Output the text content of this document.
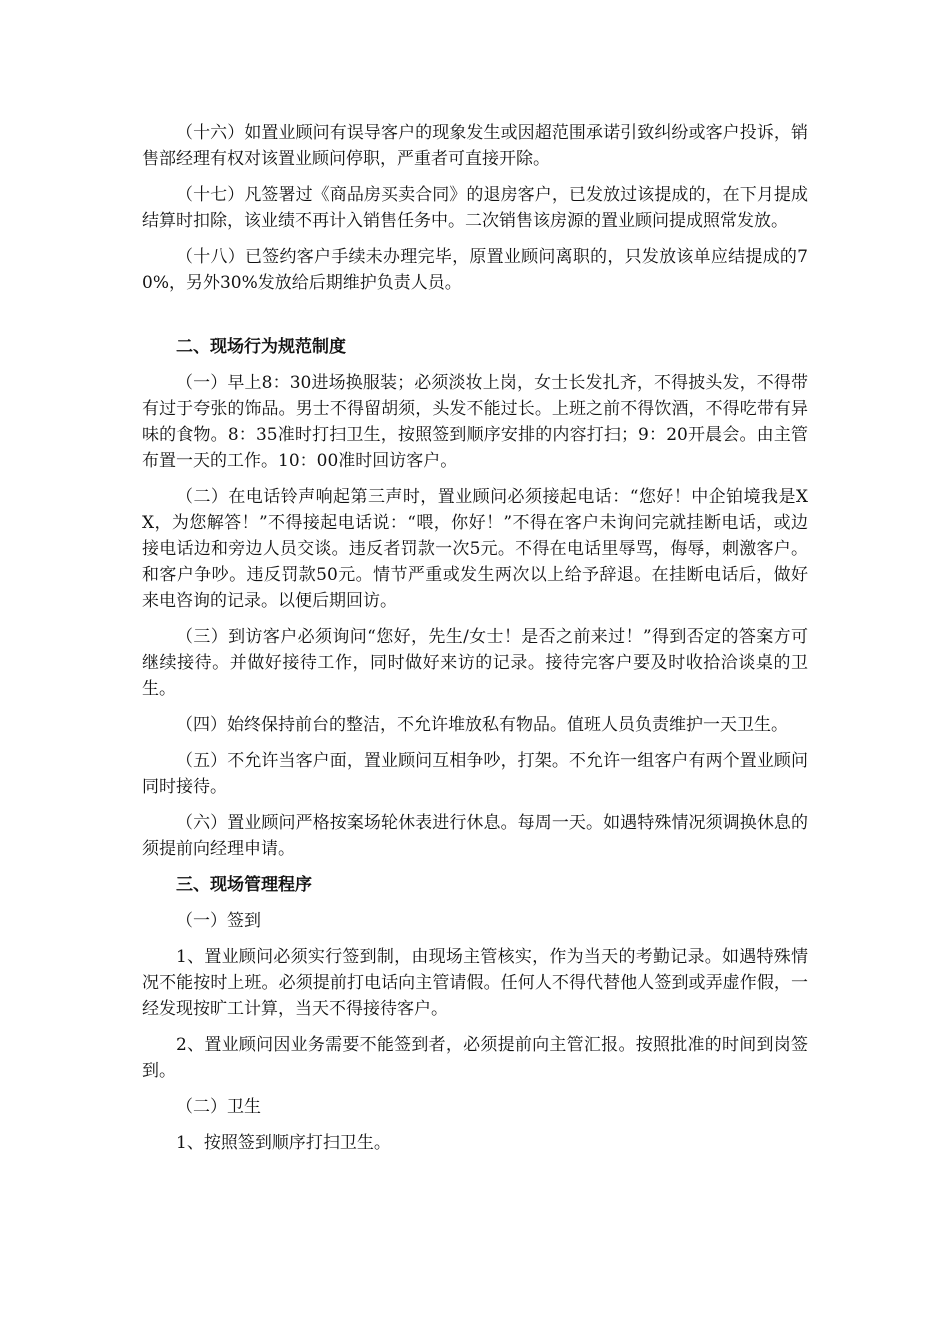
（十六）如置业顾问有误导客户的现象发生或因超范围承诺引致纠纷或客户投诉，销售部经理有权对该置业顾问停职，严重者可直接开除。

（十七）凡签署过《商品房买卖合同》的退房客户，已发放过该提成的，在下月提成结算时扣除，该业绩不再计入销售任务中。二次销售该房源的置业顾问提成照常发放。

（十八）已签约客户手续未办理完毕，原置业顾问离职的，只发放该单应结提成的70%，另外30%发放给后期维护负责人员。

二、现场行为规范制度

（一）早上8：30进场换服装；必须淡妆上岗，女士长发扎齐，不得披头发，不得带有过于夸张的饰品。男士不得留胡须，头发不能过长。上班之前不得饮酒，不得吃带有异味的食物。8：35准时打扫卫生，按照签到顺序安排的内容打扫；9：20开晨会。由主管布置一天的工作。10：00准时回访客户。

（二）在电话铃声响起第三声时，置业顾问必须接起电话：“您好！中企铂境我是XX，为您解答！”不得接起电话说：“喂，你好！”不得在客户未询问完就挂断电话，或边接电话边和旁边人员交谈。违反者罚款一次5元。不得在电话里辱骂，侮辱，刺激客户。和客户争吵。违反罚款50元。情节严重或发生两次以上给予辞退。在挂断电话后，做好来电咨询的记录。以便后期回访。

（三）到访客户必须询问“您好，先生/女士！是否之前来过！”得到否定的答案方可继续接待。并做好接待工作，同时做好来访的记录。接待完客户要及时收拾洽谈桌的卫生。

（四）始终保持前台的整洁，不允许堆放私有物品。值班人员负责维护一天卫生。

（五）不允许当客户面，置业顾问互相争吵，打架。不允许一组客户有两个置业顾问同时接待。

（六）置业顾问严格按案场轮休表进行休息。每周一天。如遇特殊情况须调换休息的须提前向经理申请。

三、现场管理程序
（一）签到

1、置业顾问必须实行签到制，由现场主管核实，作为当天的考勤记录。如遇特殊情况不能按时上班。必须提前打电话向主管请假。任何人不得代替他人签到或弄虚作假，一经发现按旷工计算，当天不得接待客户。

2、置业顾问因业务需要不能签到者，必须提前向主管汇报。按照批准的时间到岗签到。

（二）卫生

1、按照签到顺序打扫卫生。
